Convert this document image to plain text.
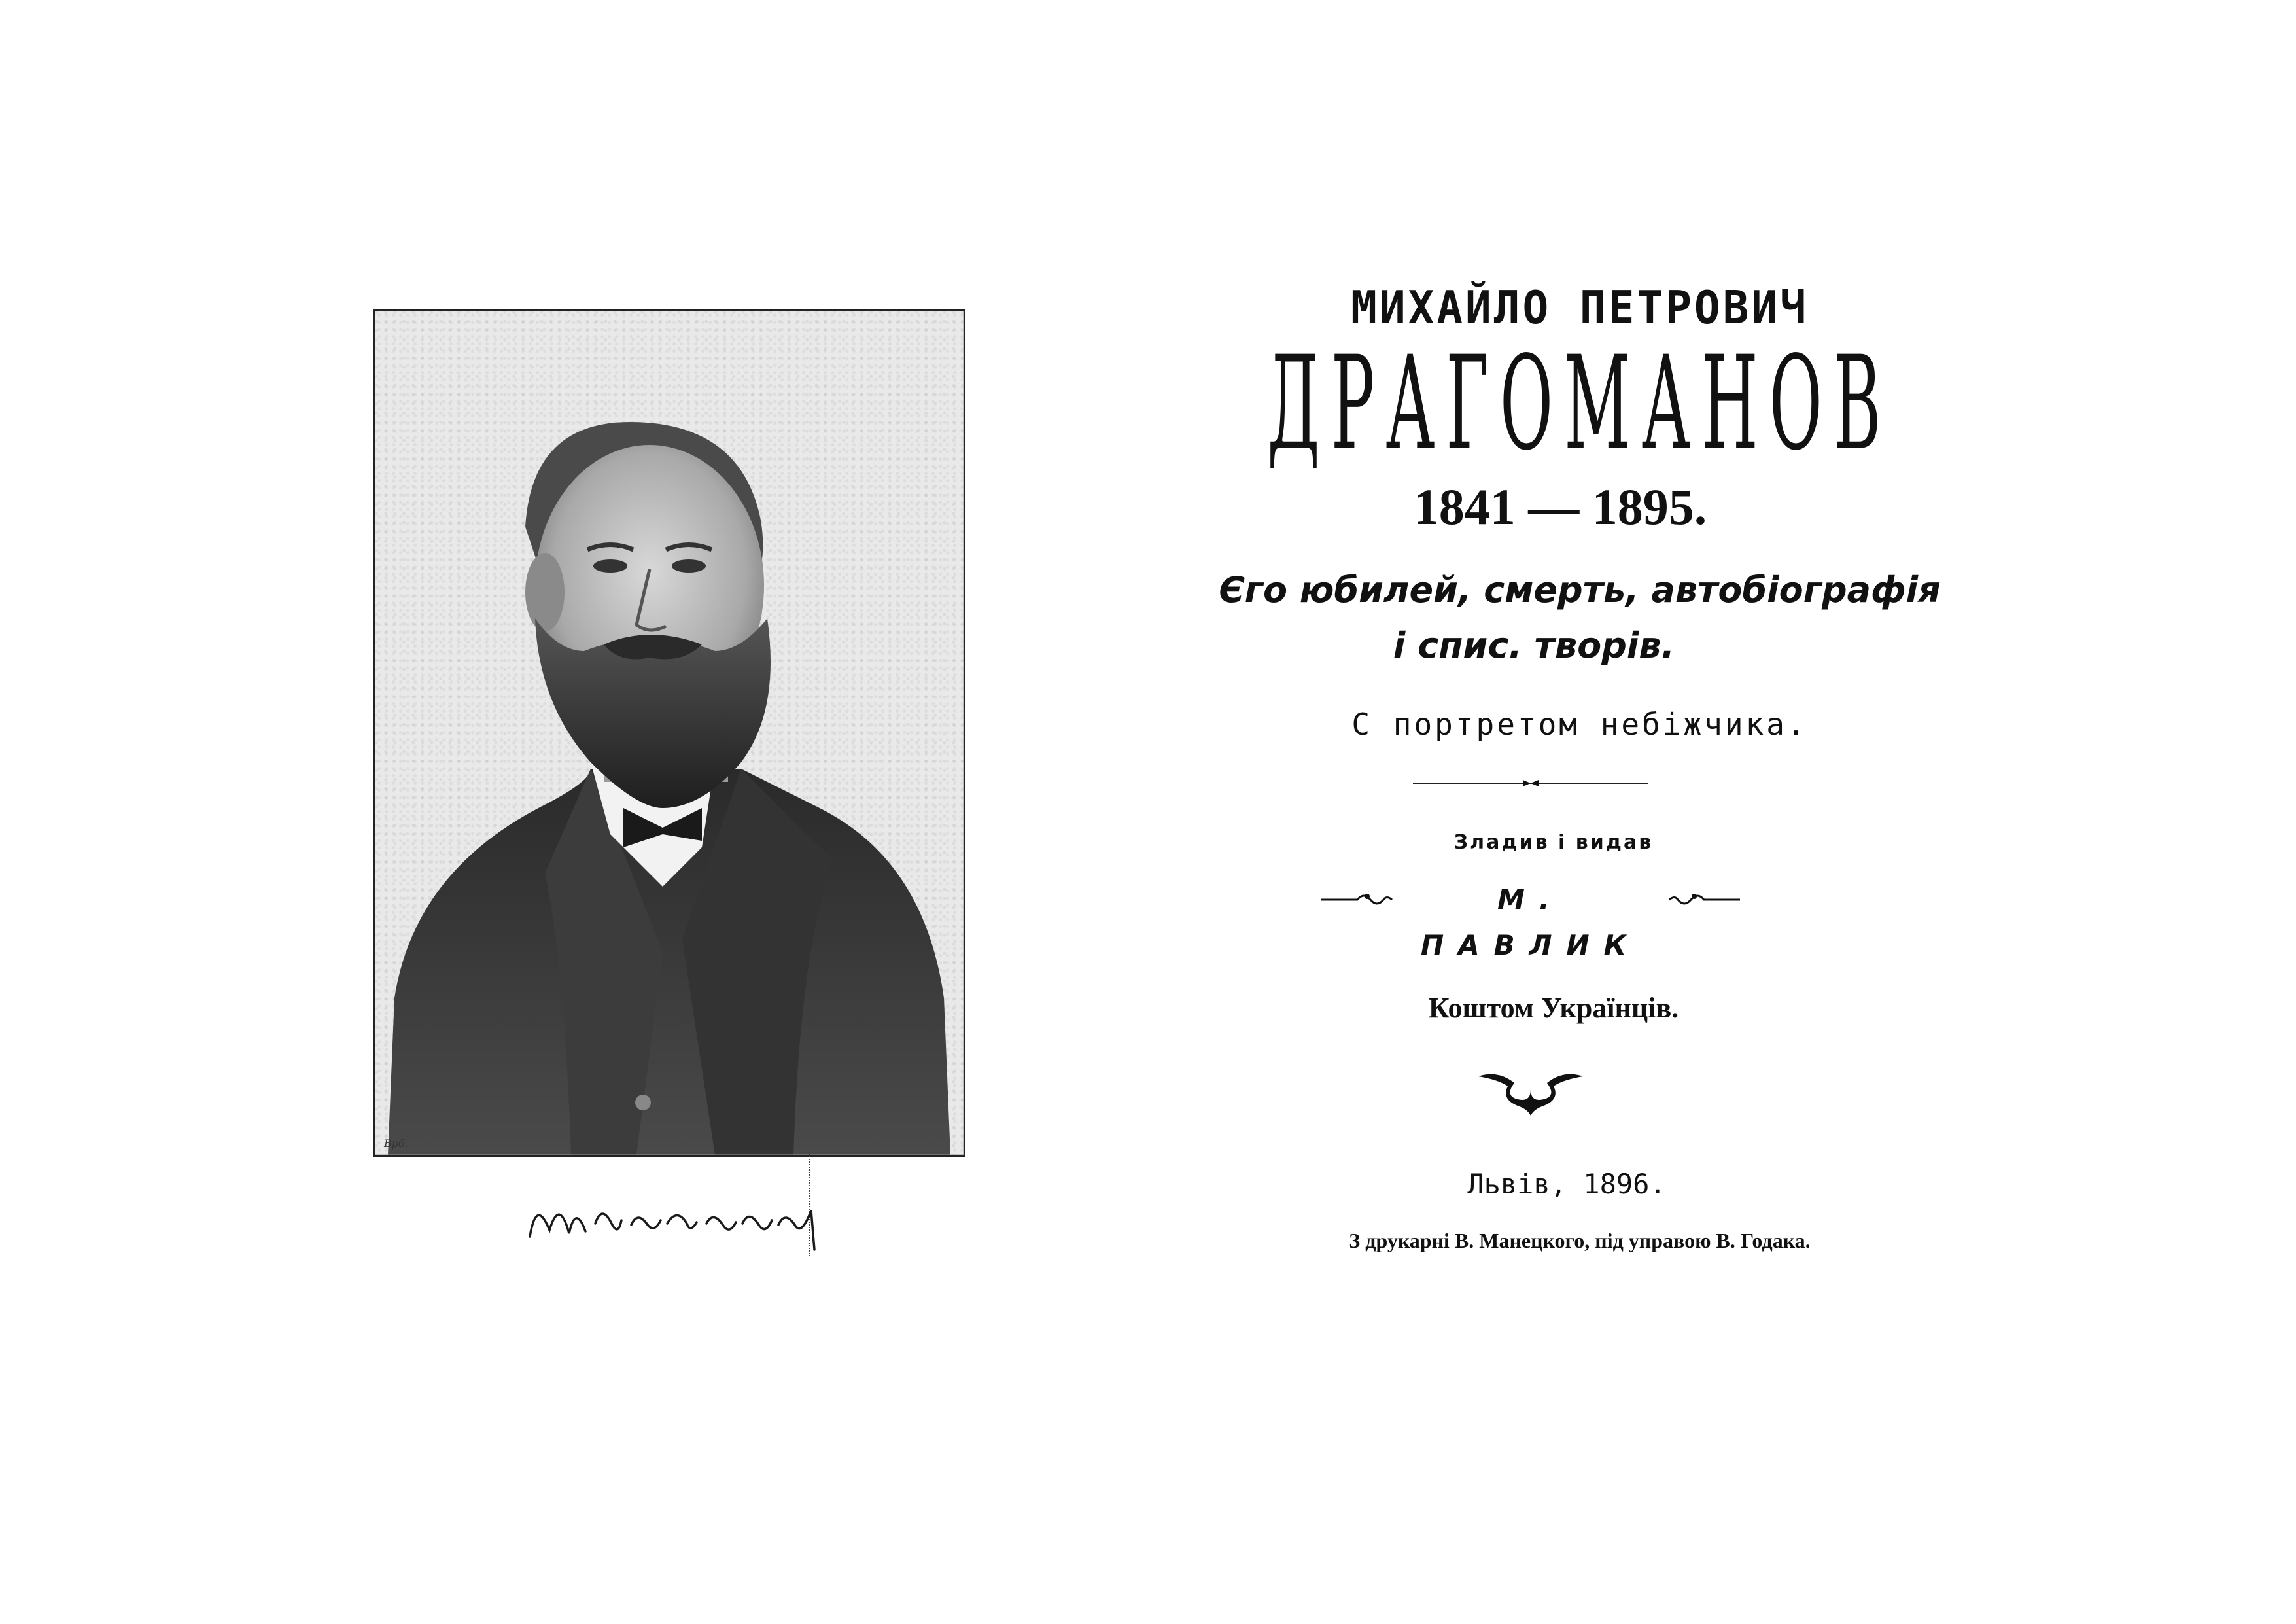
Врб.
МИХАЙЛО ПЕТРОВИЧ
ДРАГОМАНОВ
1841 — 1895.
Єго юбилей, смерть, автобіографія
і спис. творів.
С портретом небіжчика.
Зладив і видав
М. ПАВЛИК
Коштом Українців.
Львів, 1896.
З друкарні В. Манецкого, під управою В. Годака.
